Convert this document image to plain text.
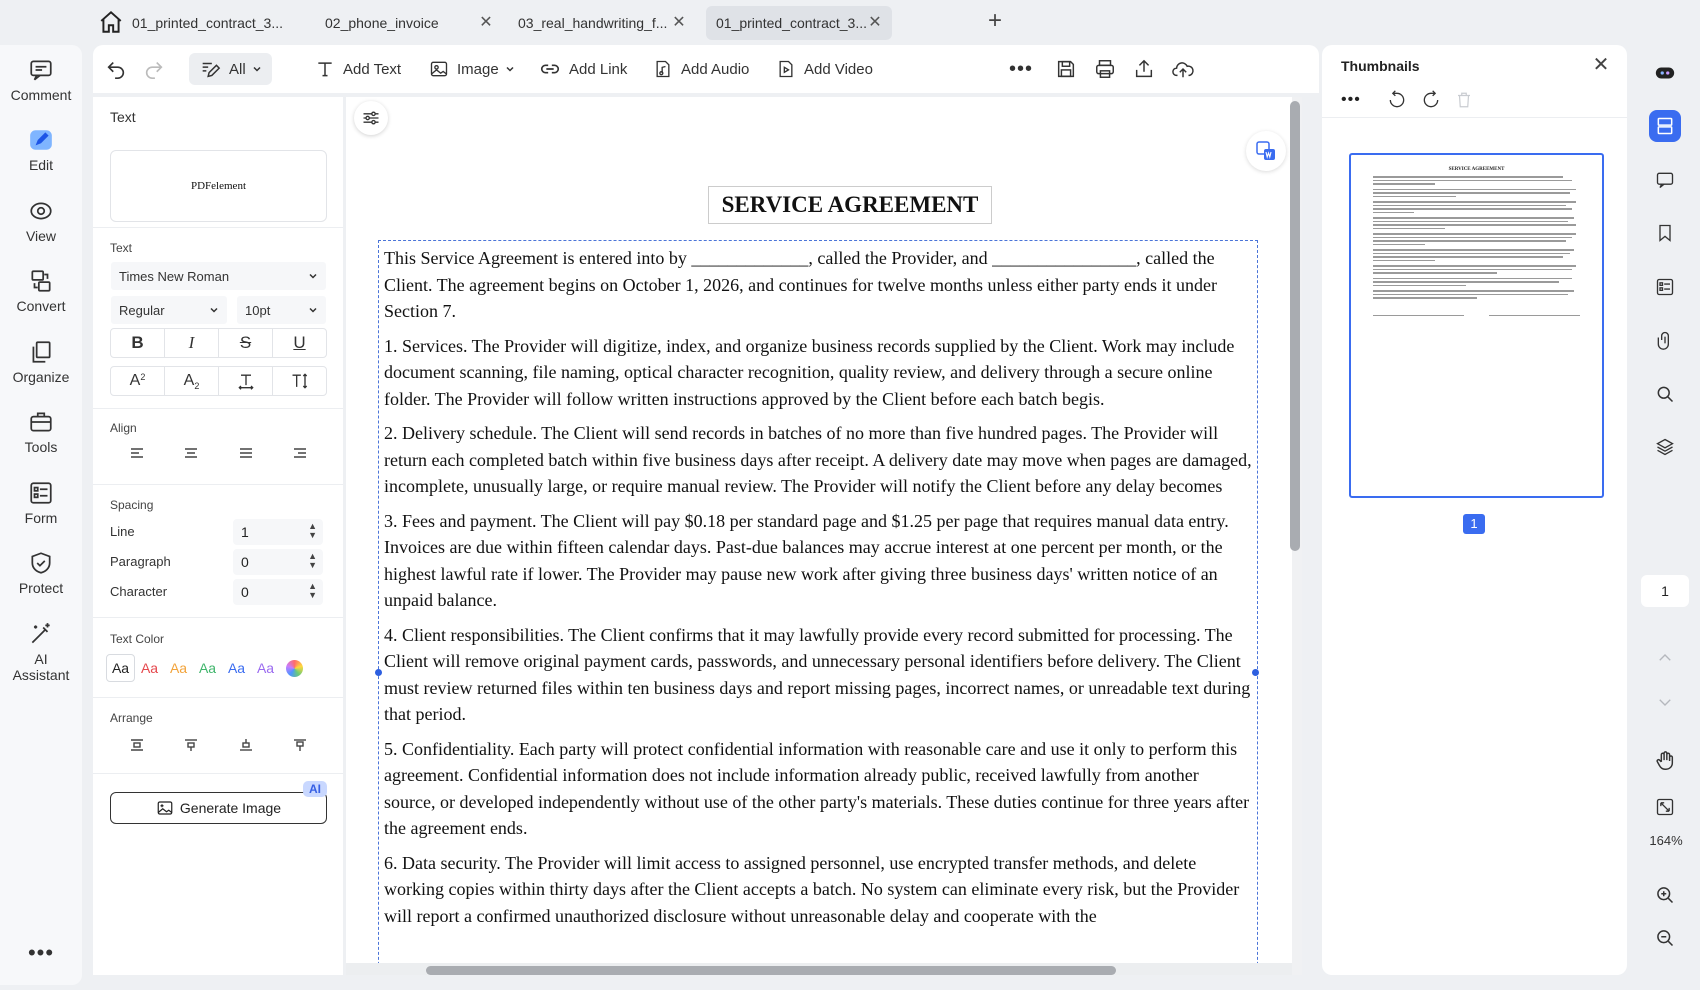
01_printed_contract_3...	02_phone_invoice	✕ 03_real_handwriting_f... ✕ 01_printed_contract_3... ✕	+
Comment
Edit
View
Convert
Organize
Tools
Form
Protect
AI Assistant
•••
All	Add Text	Image	Add Link	Add Audio	Add Video	•••
Text
PDFelement
Text
Times New Roman
Regular	10pt
B	I	S	U
A 2 A 2
Align
Spacing
Line	1	▲
▼
Paragraph	0	▲
▼
Character	0	▲
▼
Text Color
Aa Aa Aa Aa Aa Aa
Arrange
Generate Image
AI
SERVICE AGREEMENT

This Service Agreement is entered into by _____________, called the Provider, and ________________, called the Client. The agreement begins on October 1, 2026, and continues for twelve months unless either party ends it under Section 7.

1. Services. The Provider will digitize, index, and organize business records supplied by the Client. Work may include document scanning, file naming, optical character recognition, quality review, and delivery through a secure online folder. The Provider will follow written instructions approved by the Client before each batch begis.

2. Delivery schedule. The Client will send records in batches of no more than five hundred pages. The Provider will return each completed batch within five business days after receipt. A delivery date may move when pages are damaged, incomplete, unusually large, or require manual review. The Provider will notify the Client before any delay becomes

3. Fees and payment. The Client will pay $0.18 per standard page and $1.25 per page that requires manual data entry. Invoices are due within fifteen calendar days. Past-due balances may accrue interest at one percent per month, or the highest lawful rate if lower. The Provider may pause new work after giving three business days' written notice of an unpaid balance.

4. Client responsibilities. The Client confirms that it may lawfully provide every record submitted for processing. The Client will remove original payment cards, passwords, and unnecessary personal identifiers before delivery. The Client must review returned files within ten business days and report missing pages, incorrect names, or unreadable text during that period.

5. Confidentiality. Each party will protect confidential information with reasonable care and use it only to perform this agreement. Confidential information does not include information already public, received lawfully from another source, or developed independently without use of the other party's materials. These duties continue for three years after the agreement ends.

6. Data security. The Provider will limit access to assigned personnel, use encrypted transfer methods, and delete working copies within thirty days after the Client accepts a batch. No system can eliminate every risk, but the Provider will report a confirmed unauthorized disclosure without unreasonable delay and cooperate with the

Thumbnails	✕
•••
SERVICE AGREEMENT
1
1
164%
